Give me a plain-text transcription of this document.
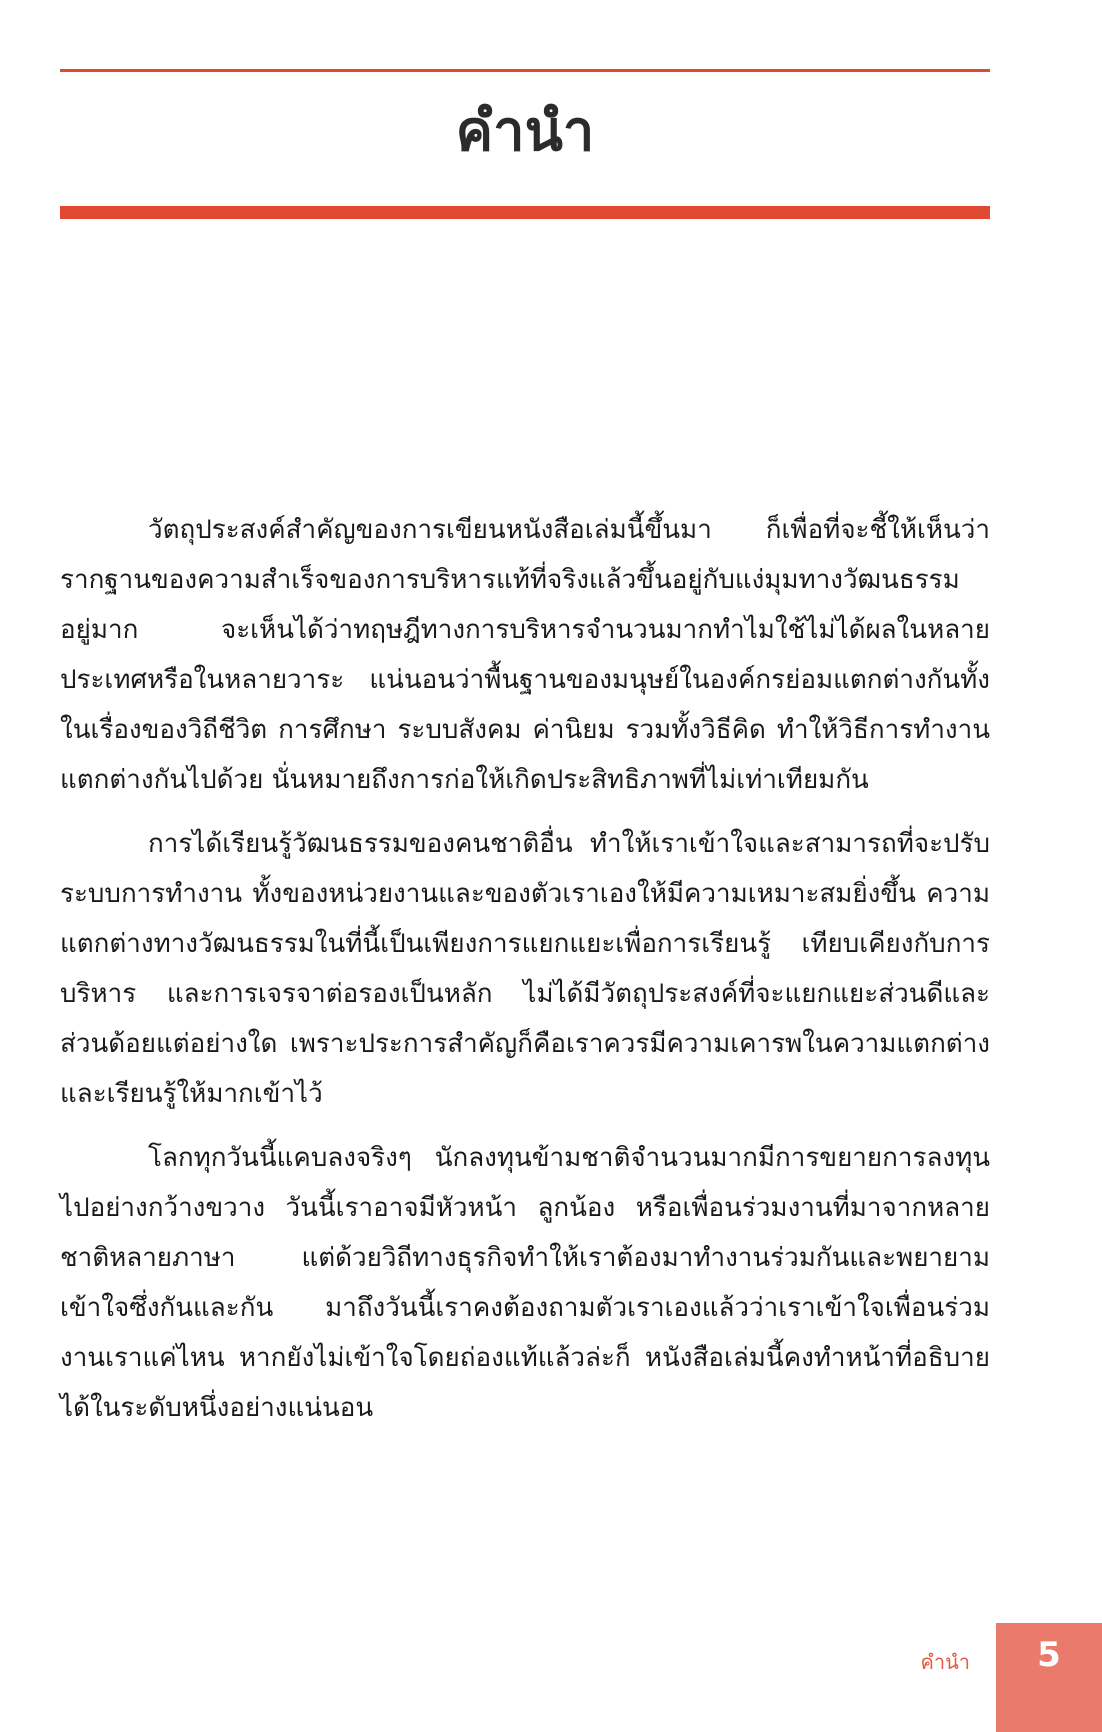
คำนำ

วัตถุประสงค์สำคัญของการเขียนหนังสือเล่มนี้ขึ้นมา ก็เพื่อที่จะชี้ให้เห็นว่ารากฐานของความสำเร็จของการบริหารแท้ที่จริงแล้วขึ้นอยู่กับแง่มุมทางวัฒนธรรมอยู่มาก จะเห็นได้ว่าทฤษฎีทางการบริหารจำนวนมากทำไมใช้ไม่ได้ผลในหลายประเทศหรือในหลายวาระ แน่นอนว่าพื้นฐานของมนุษย์ในองค์กรย่อมแตกต่างกันทั้งในเรื่องของวิถีชีวิต การศึกษา ระบบสังคม ค่านิยม รวมทั้งวิธีคิด ทำให้วิธีการทำงานแตกต่างกันไปด้วย นั่นหมายถึงการก่อให้เกิดประสิทธิภาพที่ไม่เท่าเทียมกัน

การได้เรียนรู้วัฒนธรรมของคนชาติอื่น ทำให้เราเข้าใจและสามารถที่จะปรับระบบการทำงาน ทั้งของหน่วยงานและของตัวเราเองให้มีความเหมาะสมยิ่งขึ้น ความแตกต่างทางวัฒนธรรมในที่นี้เป็นเพียงการแยกแยะเพื่อการเรียนรู้ เทียบเคียงกับการบริหาร และการเจรจาต่อรองเป็นหลัก ไม่ได้มีวัตถุประสงค์ที่จะแยกแยะส่วนดีและส่วนด้อยแต่อย่างใด เพราะประการสำคัญก็คือเราควรมีความเคารพในความแตกต่างและเรียนรู้ให้มากเข้าไว้

โลกทุกวันนี้แคบลงจริงๆ นักลงทุนข้ามชาติจำนวนมากมีการขยายการลงทุนไปอย่างกว้างขวาง วันนี้เราอาจมีหัวหน้า ลูกน้อง หรือเพื่อนร่วมงานที่มาจากหลายชาติหลายภาษา แต่ด้วยวิถีทางธุรกิจทำให้เราต้องมาทำงานร่วมกันและพยายามเข้าใจซึ่งกันและกัน มาถึงวันนี้เราคงต้องถามตัวเราเองแล้วว่าเราเข้าใจเพื่อนร่วมงานเราแค่ไหน หากยังไม่เข้าใจโดยถ่องแท้แล้วล่ะก็ หนังสือเล่มนี้คงทำหน้าที่อธิบายได้ในระดับหนึ่งอย่างแน่นอน

คำนำ	5
